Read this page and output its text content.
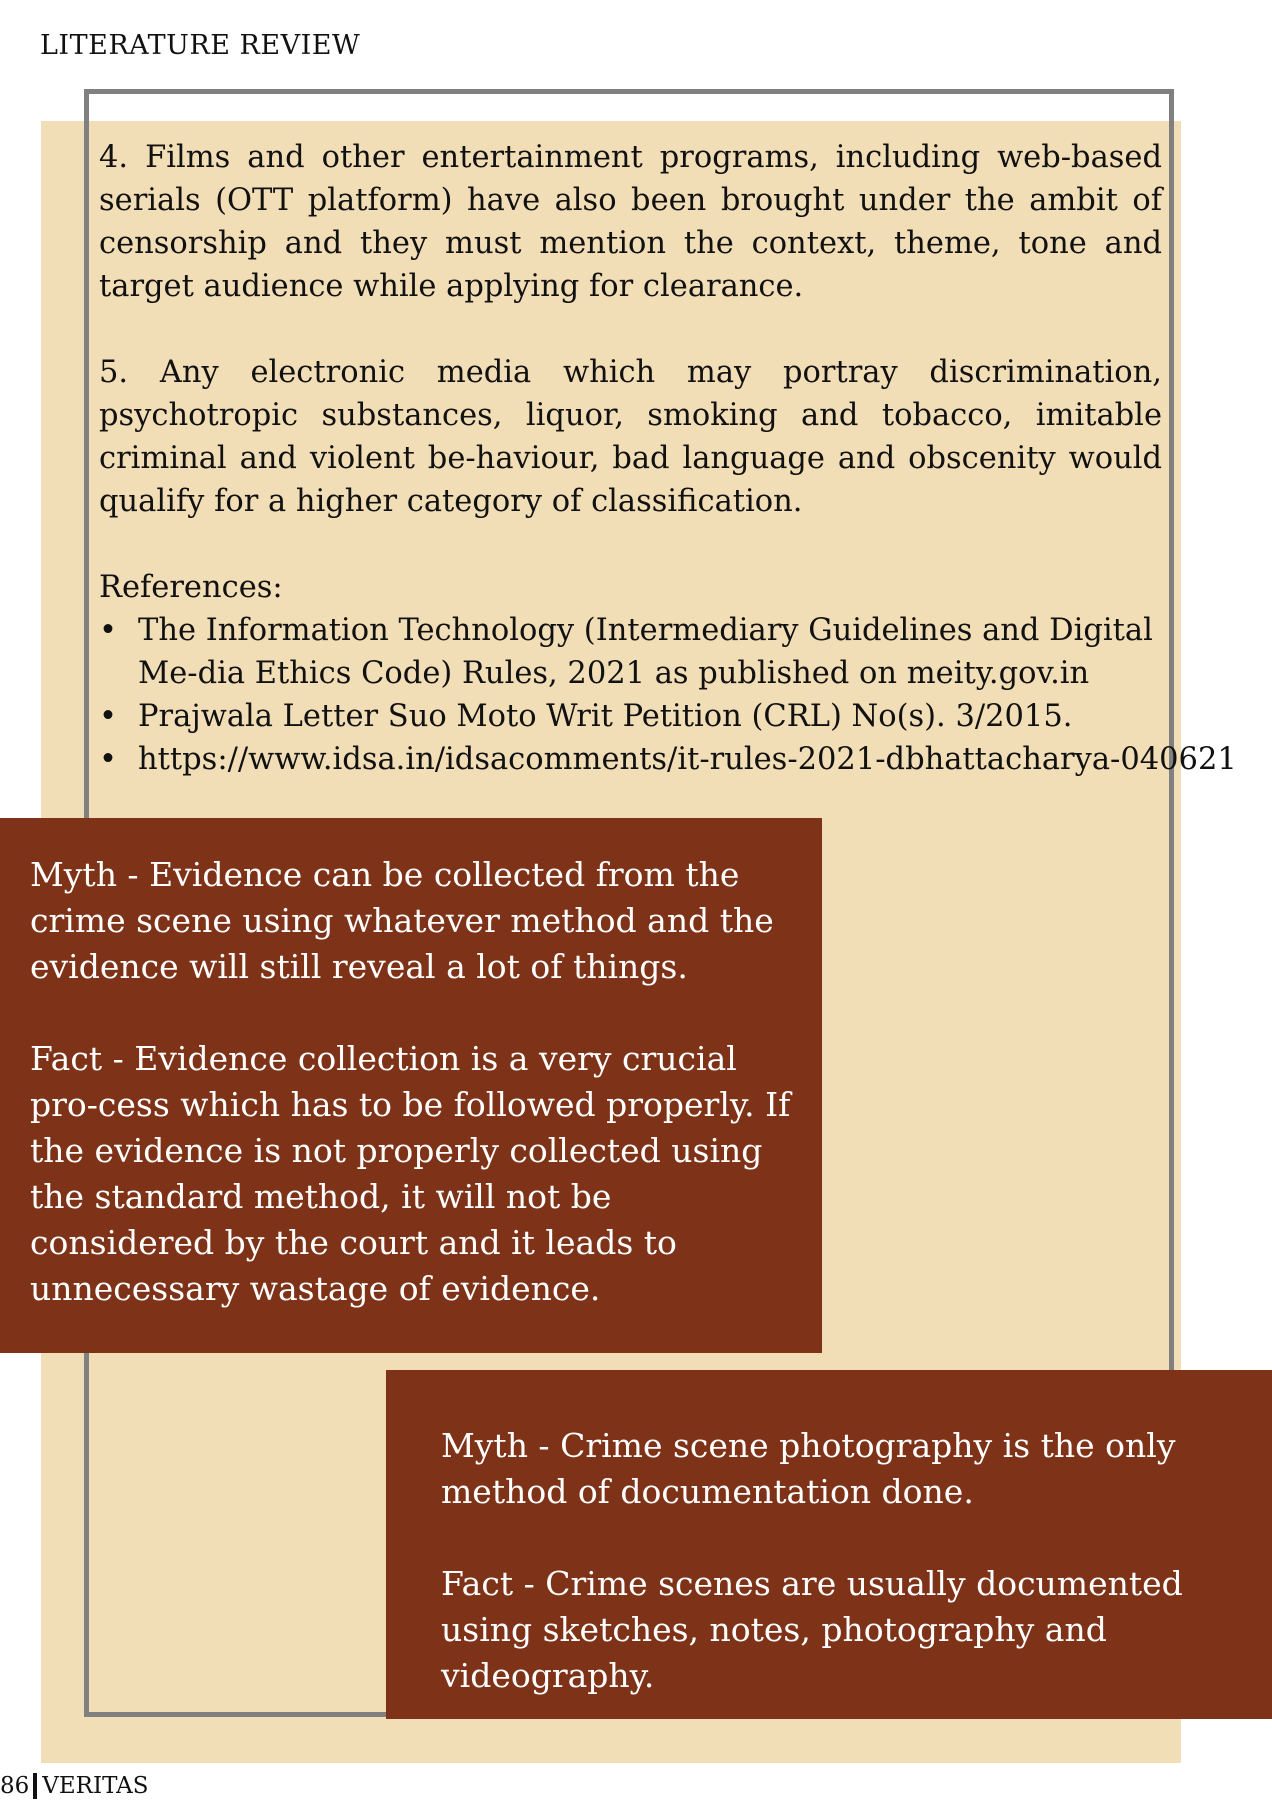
LITERATURE REVIEW

4. Films and other entertainment programs, including web-based serials (OTT platform) have also been brought under the ambit of censorship and they must mention the context, theme, tone and target audience while applying for clearance.

5. Any electronic media which may portray discrimination, psychotropic substances, liquor, smoking and tobacco, imitable criminal and violent be-haviour, bad language and obscenity would qualify for a higher category of classification.

References:

• The Information Technology (Intermediary Guidelines and Digital Me-dia Ethics Code) Rules, 2021 as published on meity.gov.in
• Prajwala Letter Suo Moto Writ Petition (CRL) No(s). 3/2015.
• https://www.idsa.in/idsacomments/it-rules-2021-dbhattacharya-040621

Myth - Evidence can be collected from the crime scene using whatever method and the evidence will still reveal a lot of things.

Fact - Evidence collection is a very crucial pro-cess which has to be followed properly. If the evidence is not properly collected using the standard method, it will not be considered by the court and it leads to unnecessary wastage of evidence.

Myth - Crime scene photography is the only method of documentation done.

Fact - Crime scenes are usually documented using sketches, notes, photography and videography.

86 VERITAS
